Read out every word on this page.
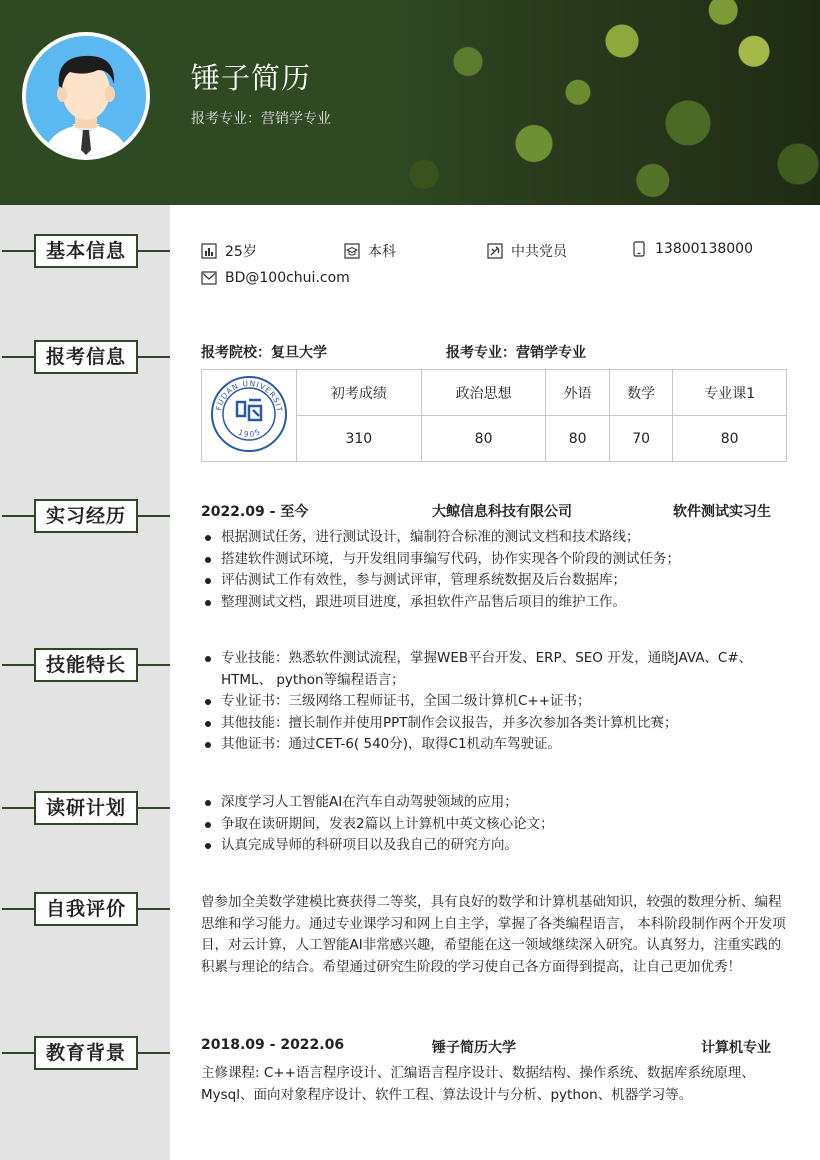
锤子简历
报考专业：营销学专业
基本信息
报考信息
实习经历
技能特长
读研计划
自我评价
教育背景
25岁	本科	中共党员	13800138000
BD@100chui.com
报考院校：复旦大学	报考专业：营销学专业
FUDAN UNIVERSIT
1905	初考成绩	政治思想	外语	数学	专业课1
	310	80	80	70	80
2022.09 - 至今	大鲸信息科技有限公司	软件测试实习生
根据测试任务，进行测试设计，编制符合标准的测试文档和技术路线；
搭建软件测试环境，与开发组同事编写代码，协作实现各个阶段的测试任务；
评估测试工作有效性，参与测试评审，管理系统数据及后台数据库；
整理测试文档，跟进项目进度，承担软件产品售后项目的维护工作。
专业技能：熟悉软件测试流程，掌握WEB平台开发、ERP、SEO 开发，通晓JAVA、C#、HTML、 python等编程语言；
专业证书：三级网络工程师证书，全国二级计算机C++证书；
其他技能：擅长制作并使用PPT制作会议报告，并多次参加各类计算机比赛；
其他证书：通过CET-6( 540分)，取得C1机动车驾驶证。
深度学习人工智能AI在汽车自动驾驶领域的应用；
争取在读研期间，发表2篇以上计算机中英文核心论文；
认真完成导师的科研项目以及我自己的研究方向。

曾参加全美数学建模比赛获得二等奖，具有良好的数学和计算机基础知识，较强的数理分析、编程思维和学习能力。通过专业课学习和网上自主学，掌握了各类编程语言， 本科阶段制作两个开发项目，对云计算，人工智能AI非常感兴趣，希望能在这一领域继续深入研究。认真努力，注重实践的积累与理论的结合。希望通过研究生阶段的学习使自己各方面得到提高，让自己更加优秀！

2018.09 - 2022.06	锤子简历大学	计算机专业

主修课程: C++语言程序设计、汇编语言程序设计、数据结构、操作系统、数据库系统原理、Mysql、面向对象程序设计、软件工程、算法设计与分析、python、机器学习等。
